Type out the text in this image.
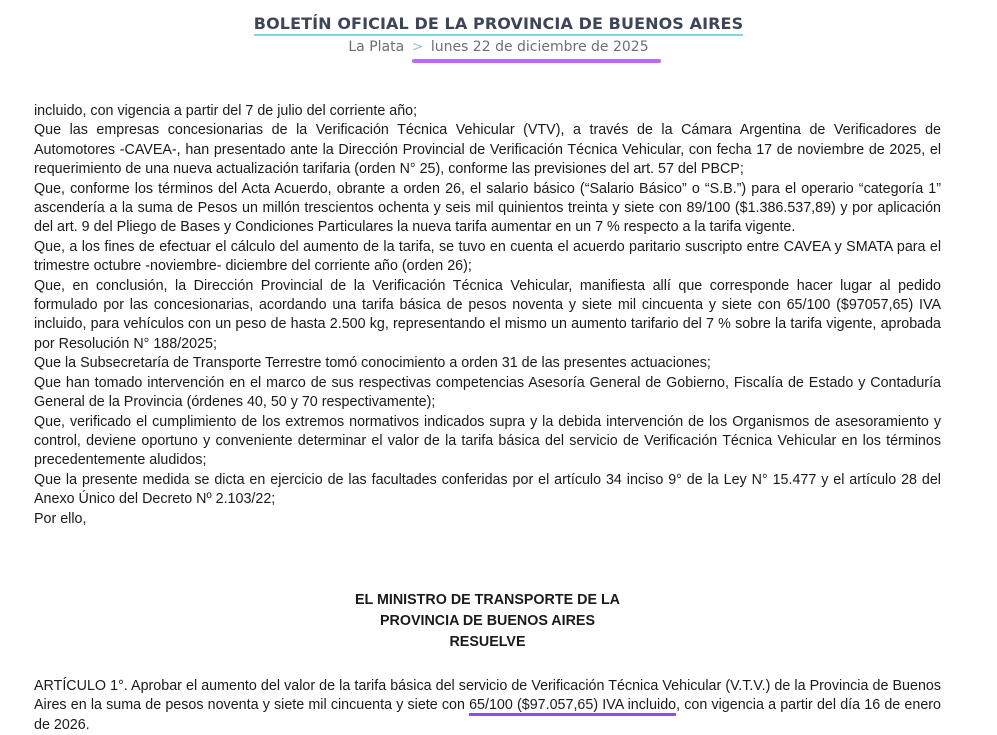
BOLETÍN OFICIAL DE LA PROVINCIA DE BUENOS AIRES
La Plata > lunes 22 de diciembre de 2025

incluido, con vigencia a partir del 7 de julio del corriente año;

Que las empresas concesionarias de la Verificación Técnica Vehicular (VTV), a través de la Cámara Argentina de Verificadores de Automotores -CAVEA-, han presentado ante la Dirección Provincial de Verificación Técnica Vehicular, con fecha 17 de noviembre de 2025, el requerimiento de una nueva actualización tarifaria (orden N° 25), conforme las previsiones del art. 57 del PBCP;

Que, conforme los términos del Acta Acuerdo, obrante a orden 26, el salario básico (“Salario Básico” o “S.B.”) para el operario “categoría 1” ascendería a la suma de Pesos un millón trescientos ochenta y seis mil quinientos treinta y siete con 89/100 ($1.386.537,89) y por aplicación del art. 9 del Pliego de Bases y Condiciones Particulares la nueva tarifa aumentar en un 7 % respecto a la tarifa vigente.

Que, a los fines de efectuar el cálculo del aumento de la tarifa, se tuvo en cuenta el acuerdo paritario suscripto entre CAVEA y SMATA para el trimestre octubre -noviembre- diciembre del corriente año (orden 26);

Que, en conclusión, la Dirección Provincial de la Verificación Técnica Vehicular, manifiesta allí que corresponde hacer lugar al pedido formulado por las concesionarias, acordando una tarifa básica de pesos noventa y siete mil cincuenta y siete con 65/100 ($97057,65) IVA incluido, para vehículos con un peso de hasta 2.500 kg, representando el mismo un aumento tarifario del 7 % sobre la tarifa vigente, aprobada por Resolución N° 188/2025;

Que la Subsecretaría de Transporte Terrestre tomó conocimiento a orden 31 de las presentes actuaciones;

Que han tomado intervención en el marco de sus respectivas competencias Asesoría General de Gobierno, Fiscalía de Estado y Contaduría General de la Provincia (órdenes 40, 50 y 70 respectivamente);

Que, verificado el cumplimiento de los extremos normativos indicados supra y la debida intervención de los Organismos de asesoramiento y control, deviene oportuno y conveniente determinar el valor de la tarifa básica del servicio de Verificación Técnica Vehicular en los términos precedentemente aludidos;

Que la presente medida se dicta en ejercicio de las facultades conferidas por el artículo 34 inciso 9° de la Ley N° 15.477 y el artículo 28 del Anexo Único del Decreto Nº 2.103/22;

Por ello,

EL MINISTRO DE TRANSPORTE DE LA
PROVINCIA DE BUENOS AIRES
RESUELVE
ARTÍCULO 1°. Aprobar el aumento del valor de la tarifa básica del servicio de Verificación Técnica Vehicular (V.T.V.) de la Provincia de Buenos Aires en la suma de pesos noventa y siete mil cincuenta y siete con 65/100 ($97.057,65) IVA incluido, con vigencia a partir del día 16 de enero de 2026.
